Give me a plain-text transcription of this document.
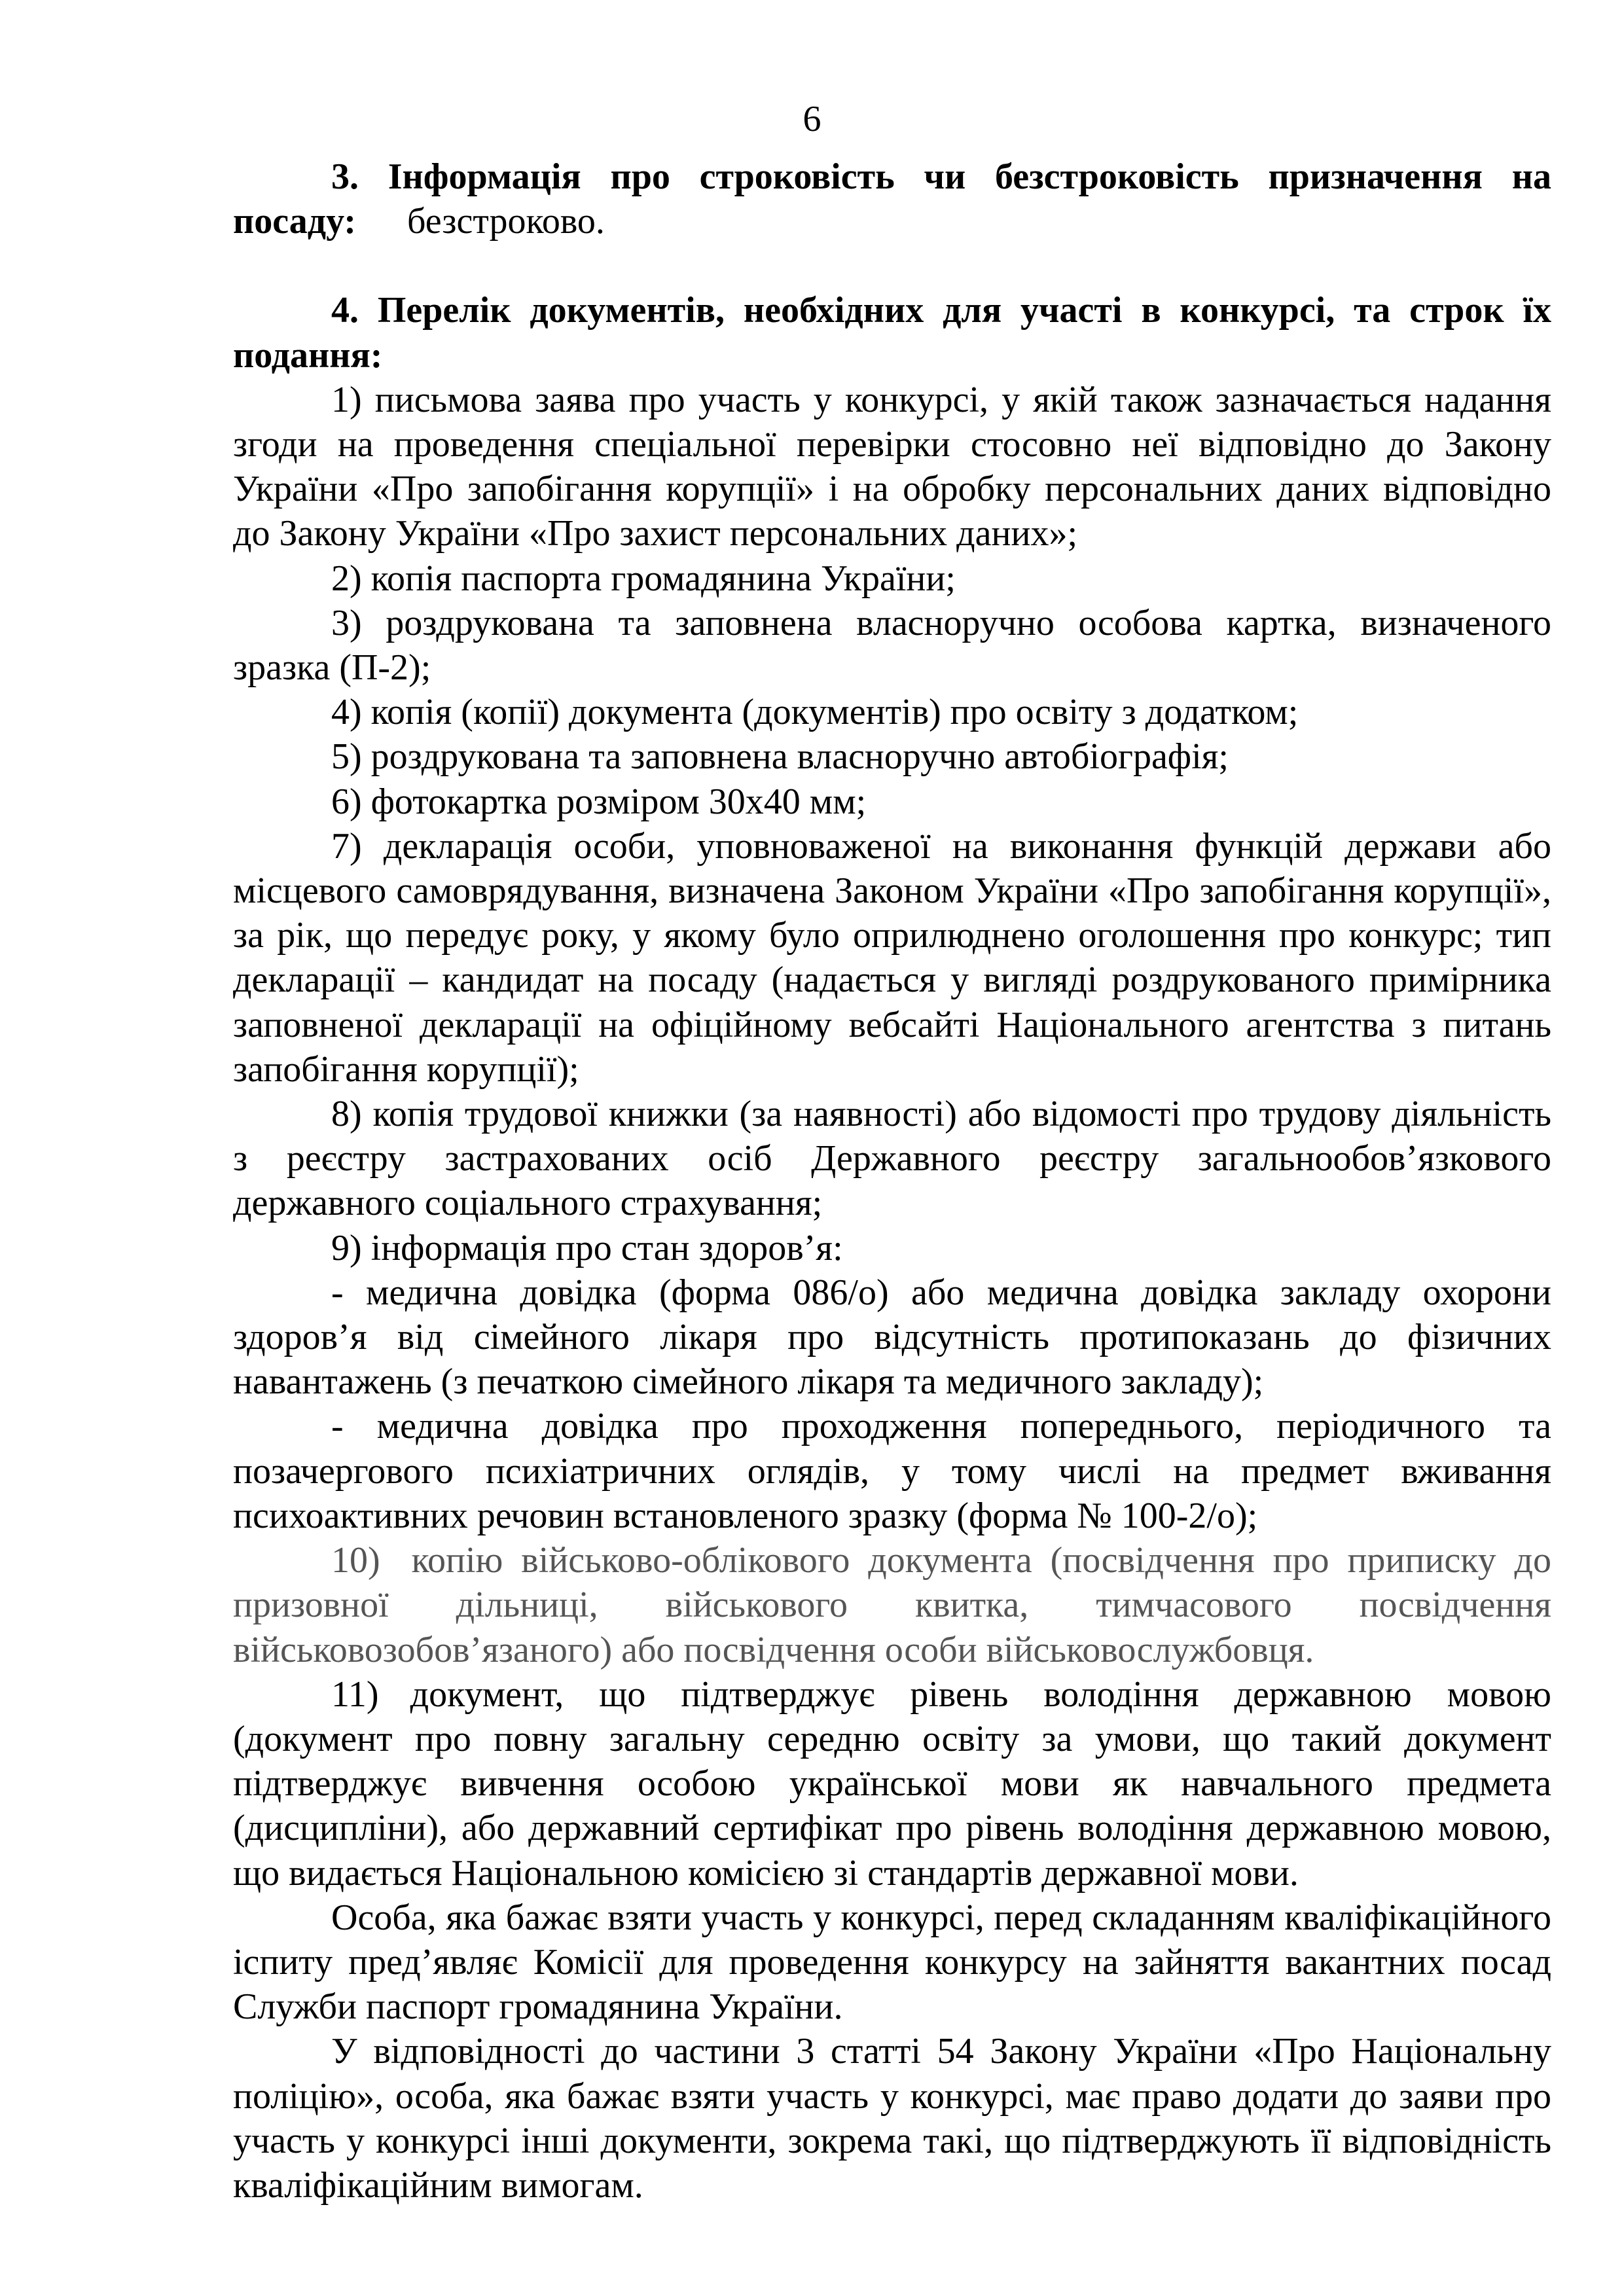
6

3. Інформація про строковість чи безстроковість призначення на посаду: безстроково.

4. Перелік документів, необхідних для участі в конкурсі, та строк їх подання:

1) письмова заява про участь у конкурсі, у якій також зазначається надання згоди на проведення спеціальної перевірки стосовно неї відповідно до Закону України «Про запобігання корупції» і на обробку персональних даних відповідно до Закону України «Про захист персональних даних»;

2) копія паспорта громадянина України;

3) роздрукована та заповнена власноручно особова картка, визначеного зразка (П-2);

4) копія (копії) документа (документів) про освіту з додатком;

5) роздрукована та заповнена власноручно автобіографія;

6) фотокартка розміром 30х40 мм;

7) декларація особи, уповноваженої на виконання функцій держави або місцевого самоврядування, визначена Законом України «Про запобігання корупції», за рік, що передує року, у якому було оприлюднено оголошення про конкурс; тип декларації – кандидат на посаду (надається у вигляді роздрукованого примірника заповненої декларації на офіційному вебсайті Національного агентства з питань запобігання корупції);

8) копія трудової книжки (за наявності) або відомості про трудову діяльність з реєстру застрахованих осіб Державного реєстру загальнообов’язкового державного соціального страхування;

9) інформація про стан здоров’я:

- медична довідка (форма 086/о) або медична довідка закладу охорони здоров’я від сімейного лікаря про відсутність протипоказань до фізичних навантажень (з печаткою сімейного лікаря та медичного закладу);

- медична довідка про проходження попереднього, періодичного та позачергового психіатричних оглядів, у тому числі на предмет вживання психоактивних речовин встановленого зразку (форма № 100-2/о);

10) копію військово-облікового документа (посвідчення про приписку до призовної дільниці, військового квитка, тимчасового посвідчення військовозобов’язаного) або посвідчення особи військовослужбовця.

11) документ, що підтверджує рівень володіння державною мовою (документ про повну загальну середню освіту за умови, що такий документ підтверджує вивчення особою української мови як навчального предмета (дисципліни), або державний сертифікат про рівень володіння державною мовою, що видається Національною комісією зі стандартів державної мови.

Особа, яка бажає взяти участь у конкурсі, перед складанням кваліфікаційного іспиту пред’являє Комісії для проведення конкурсу на зайняття вакантних посад Служби паспорт громадянина України.

У відповідності до частини 3 статті 54 Закону України «Про Національну поліцію», особа, яка бажає взяти участь у конкурсі, має право додати до заяви про участь у конкурсі інші документи, зокрема такі, що підтверджують її відповідність кваліфікаційним вимогам.
